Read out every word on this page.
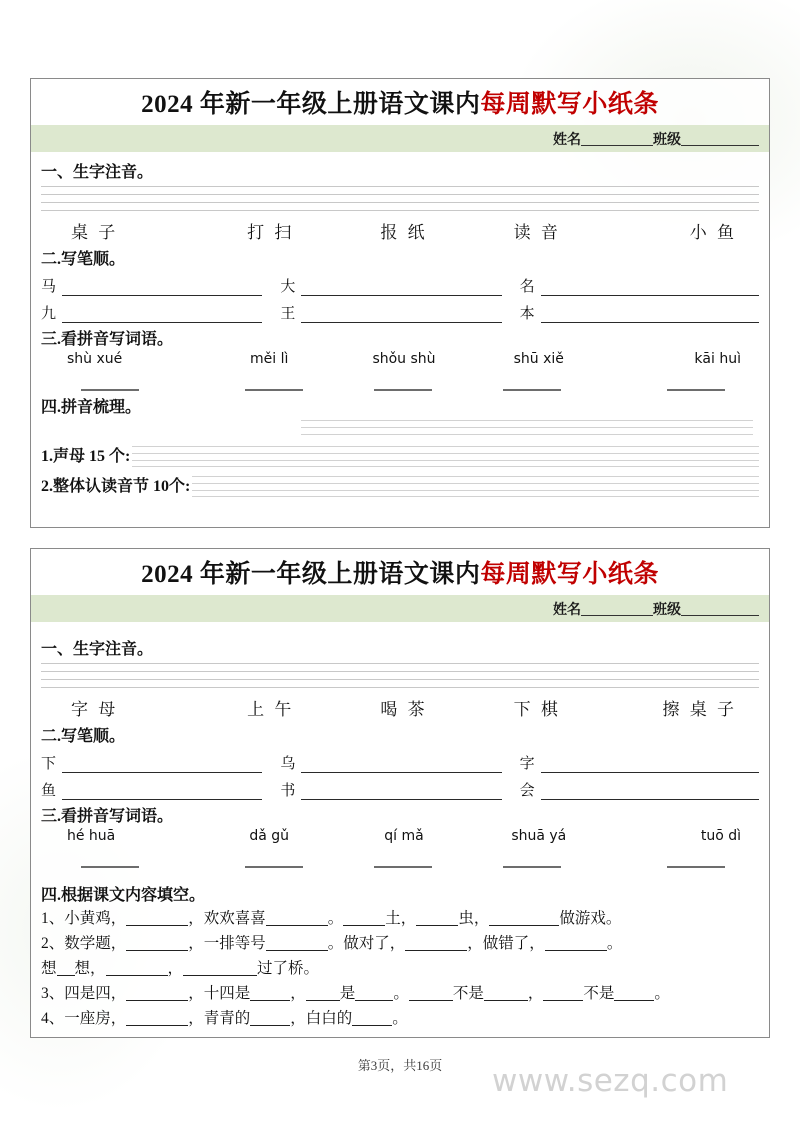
2024 年新一年级上册语文课内每周默写小纸条
姓名	班级
一、生字注音。
桌 子	打 扫	报 纸	读 音	小 鱼
二.写笔顺。
马	大	名
九	王	本
三.看拼音写词语。
shù xué	měi lì	shǒu shù	shū xiě	kāi huì
四.拼音梳理。
1.声母 15 个:
2.整体认读音节 10个:
2024 年新一年级上册语文课内每周默写小纸条
姓名	班级
一、生字注音。
字 母	上 午	喝 茶	下 棋	擦 桌 子
二.写笔顺。
下	乌	字
鱼	书	会
三.看拼音写词语。
hé huā	dǎ gǔ	qí mǎ	shuā yá	tuō dì
四.根据课文内容填空。
1、小黄鸡，	，欢欢喜喜	。	土，	虫，	做游戏。
2、数学题，	，一排等号	。做对了，	，做错了，	。
想 想，	，	过了桥。
3、四是四，	，十四是	， 是 。	不是	，	不是	。
4、一座房，	，青青的	，白白的	。
第3页，共16页	www.sezq.com
